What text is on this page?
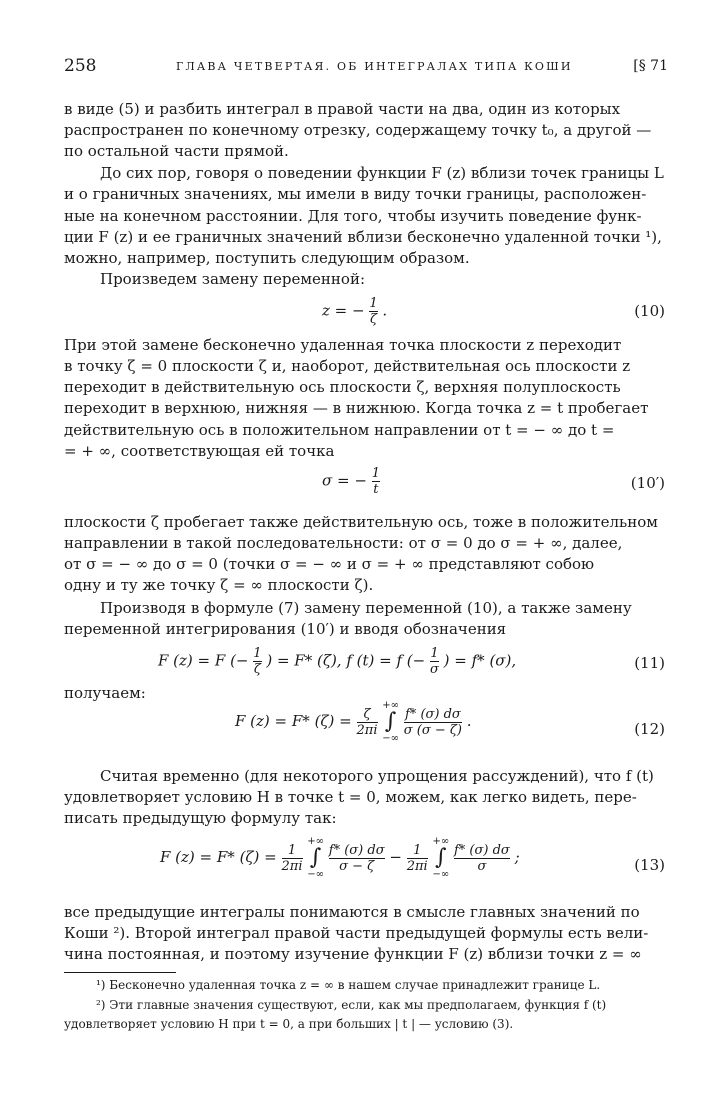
258	ГЛАВА ЧЕТВЕРТАЯ. ОБ ИНТЕГРАЛАХ ТИПА КОШИ	[§ 71
в виде (5) и разбить интеграл в правой части на два, один из которых
распространен по конечному отрезку, содержащему точку t₀, а другой —
по остальной части прямой.
До сих пор, говоря о поведении функции F (z) вблизи точек границы L
и о граничных значениях, мы имели в виду точки границы, расположен-
ные на конечном расстоянии. Для того, чтобы изучить поведение функ-
ции F (z) и ее граничных значений вблизи бесконечно удаленной точки ¹),
можно, например, поступить следующим образом.
Произведем замену переменной:
z = − $\frac{1}{\zeta}$ .	(10)
При этой замене бесконечно удаленная точка плоскости z переходит
в точку ζ = 0 плоскости ζ и, наоборот, действительная ось плоскости z
переходит в действительную ось плоскости ζ, верхняя полуплоскость
переходит в верхнюю, нижняя — в нижнюю. Когда точка z = t пробегает
действительную ось в положительном направлении от t = − ∞ до t =
= + ∞, соответствующая ей точка
σ = − $\frac{1}{t}$	(10′)
плоскости ζ пробегает также действительную ось, тоже в положительном
направлении в такой последовательности: от σ = 0 до σ = + ∞, далее,
от σ = − ∞ до σ = 0 (точки σ = − ∞ и σ = + ∞ представляют собою
одну и ту же точку ζ = ∞ плоскости ζ).
Производя в формуле (7) замену переменной (10), а также замену
переменной интегрирования (10′) и вводя обозначения
F (z) = F (− $\frac{1}{\zeta}$ ) = F* (ζ), f (t) = f (− $\frac{1}{\sigma}$ ) = f* (σ),	(11)
получаем:
F (z) = F* $(\zeta) = \frac{\zeta}{2\pi i}$
+∞
∫
−∞
$\frac{f* (\sigma) d\sigma}{\sigma (\sigma - \zeta)}$ .	(12)
Считая временно (для некоторого упрощения рассуждений), что f (t)
удовлетворяет условию H в точке t = 0, можем, как легко видеть, пере-
писать предыдущую формулу так:
F (z) = F* $(\zeta) = \frac{1}{2\pi i}$
+∞
∫
−∞
$\frac{f* (\sigma) d\sigma}{\sigma - \zeta} - \frac{1}{2\pi i}$
+∞
∫
−∞
$\frac{f* (\sigma) d\sigma}{\sigma}$ ;	(13)
все предыдущие интегралы понимаются в смысле главных значений по
Коши ²). Второй интеграл правой части предыдущей формулы есть вели-
чина постоянная, и поэтому изучение функции F (z) вблизи точки z = ∞
¹) Бесконечно удаленная точка z = ∞ в нашем случае принадлежит границе L.
²) Эти главные значения существуют, если, как мы предполагаем, функция f (t)
удовлетворяет условию H при t = 0, а при больших | t | — условию (3).
